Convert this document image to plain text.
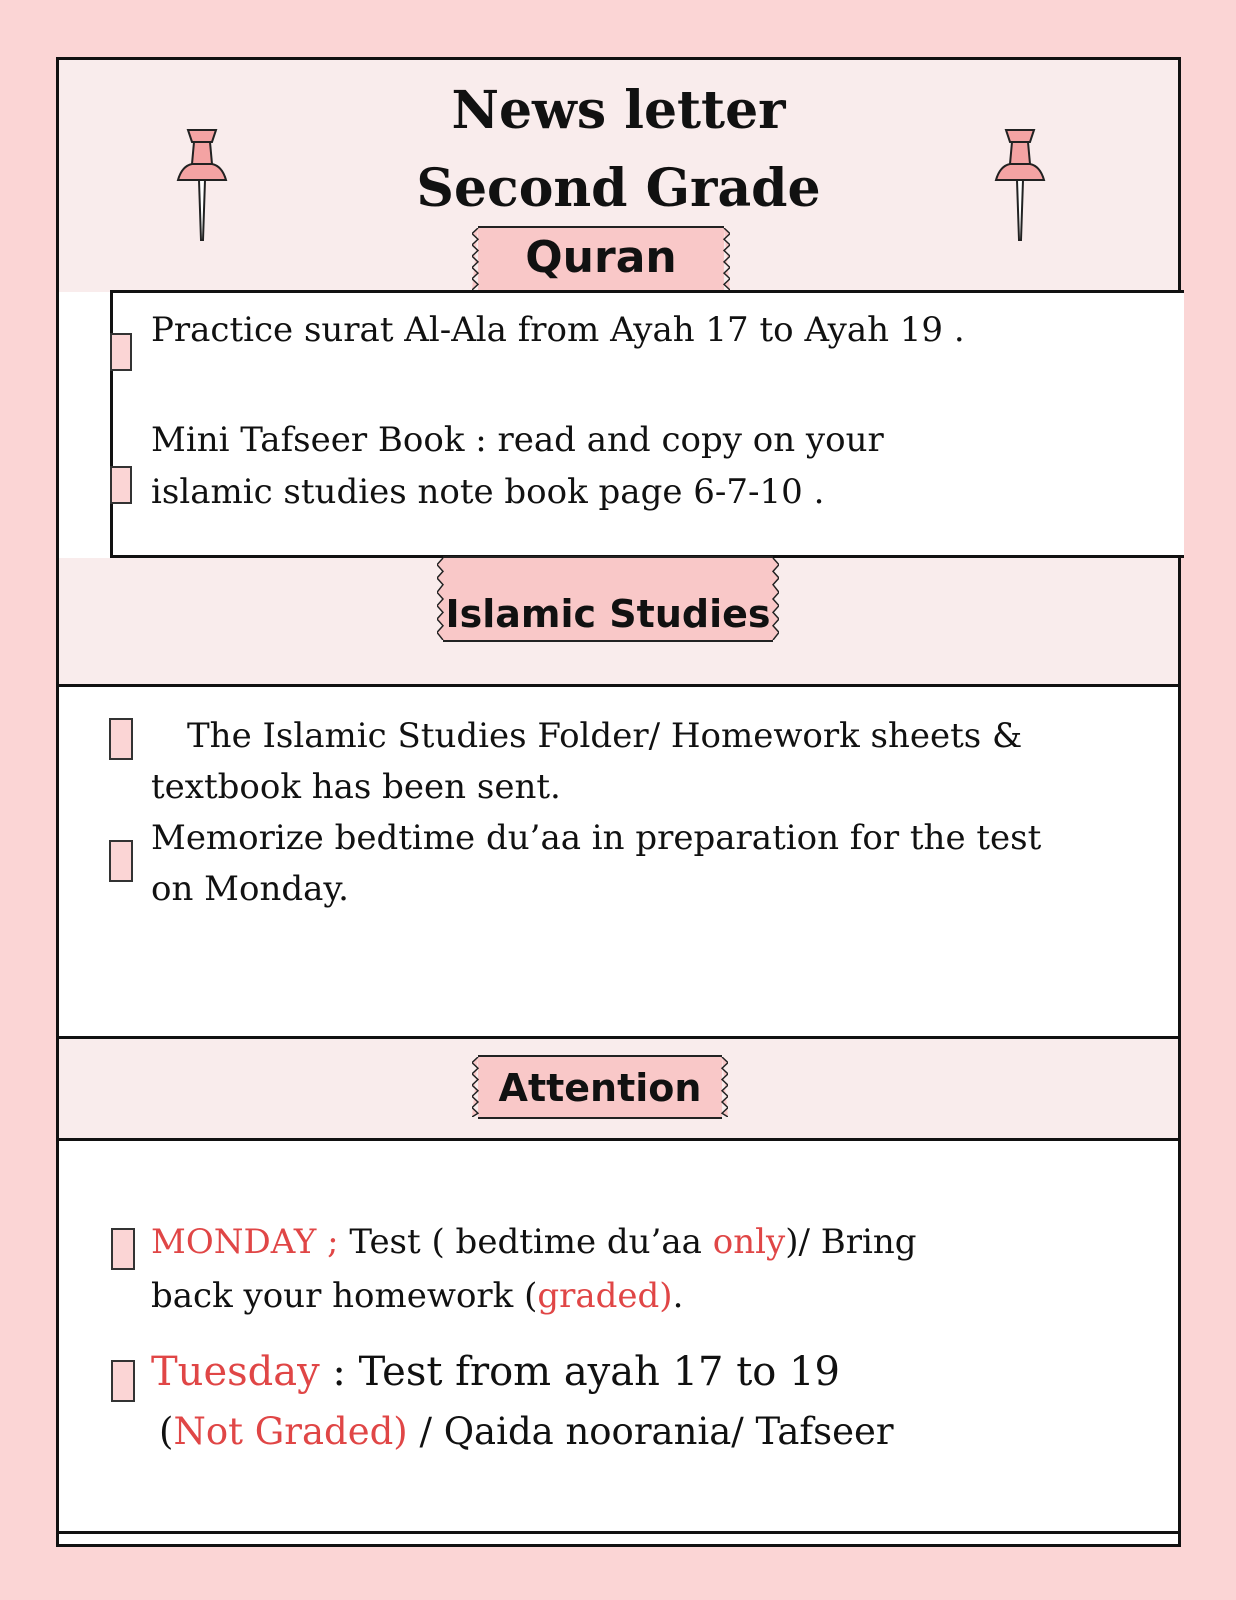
News letter
Second Grade
Quran
Practice surat Al-Ala from Ayah 17 to Ayah 19 .
Mini Tafseer Book : read and copy on your
islamic studies note book page 6-7-10 .
Islamic Studies
The Islamic Studies Folder/ Homework sheets &
textbook has been sent.
Memorize bedtime du’aa in preparation for the test
on Monday.
Attention
MONDAY ; Test ( bedtime du’aa only)/ Bring
back your homework (graded).
Tuesday : Test from ayah 17 to 19
(Not Graded) / Qaida noorania/ Tafseer
